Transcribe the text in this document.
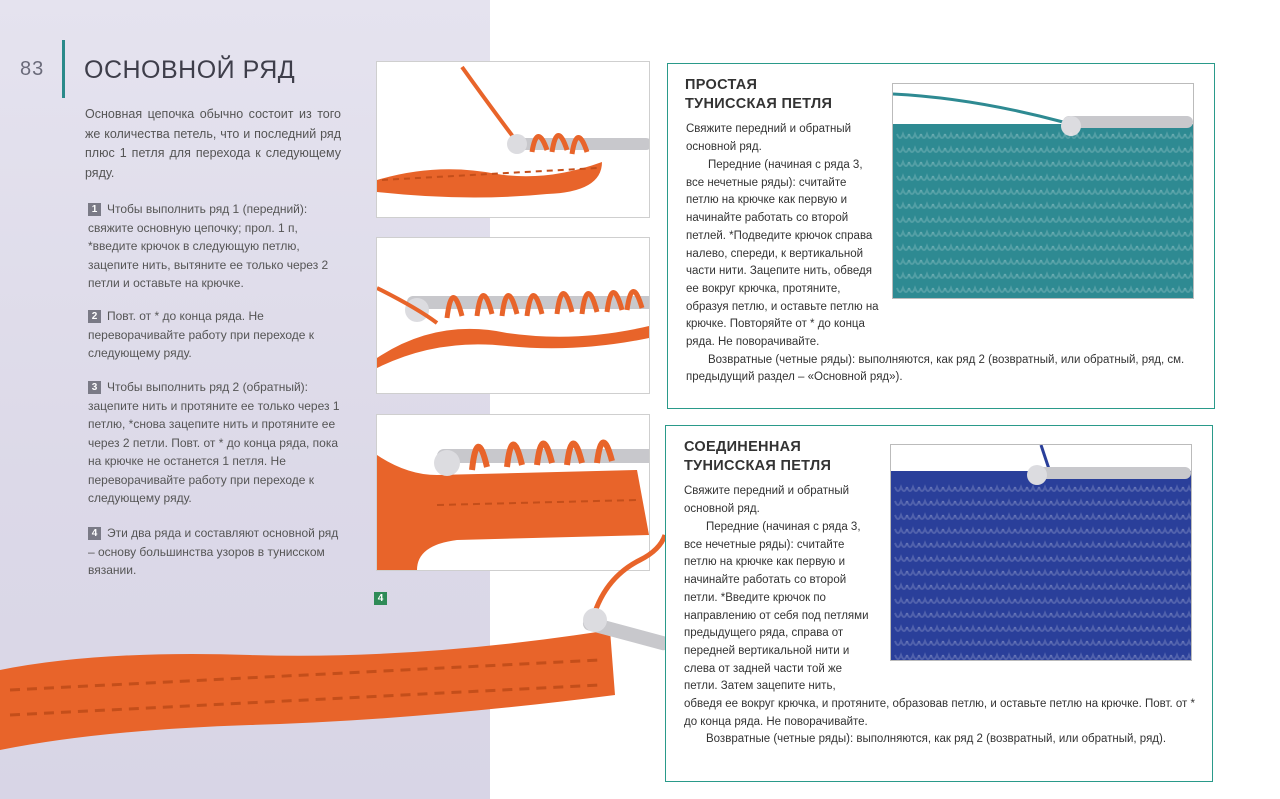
83 ОСНОВНОЙ РЯД
Основная цепочка обычно состоит из того же количества петель, что и последний ряд плюс 1 петля для перехода к следующему ряду.
1 Чтобы выполнить ряд 1 (передний): свяжите основную цепочку; прол. 1 п, *введите крючок в следующую петлю, зацепите нить, вытяните ее только через 2 петли и оставьте на крючке.
2 Повт. от * до конца ряда. Не переворачивайте работу при переходе к следующему ряду.
3 Чтобы выполнить ряд 2 (обратный): зацепите нить и протяните ее только через 1 петлю, *снова зацепите нить и протяните ее через 2 петли. Повт. от * до конца ряда, пока на крючке не останется 1 петля. Не переворачивайте работу при переходе к следующему ряду.
4 Эти два ряда и составляют основной ряд – основу большинства узоров в тунисском вязании.
4
ПРОСТАЯ
ТУНИССКАЯ ПЕТЛЯ

Свяжите передний и обратный основной ряд.

Передние (начиная с ряда 3, все нечетные ряды): считайте петлю на крючке как первую и начинайте работать со второй петлей. *Подведите крючок справа налево, спереди, к вертикальной части нити. Зацепите нить, обведя ее вокруг крючка, протяните, образуя петлю, и оставьте петлю на крючке. Повторяйте от * до конца ряда. Не поворачивайте.

Возвратные (четные ряды): выполняются, как ряд 2 (возвратный, или обратный, ряд, см. предыдущий раздел – «Основной ряд»).

СОЕДИНЕННАЯ
ТУНИССКАЯ ПЕТЛЯ

Свяжите передний и обратный основной ряд.

Передние (начиная с ряда 3, все нечетные ряды): считайте петлю на крючке как первую и начинайте работать со второй петли. *Введите крючок по направлению от себя под петлями предыдущего ряда, справа от передней вертикальной нити и слева от задней части той же петли. Затем зацепите нить, обведя ее вокруг крючка, и протяните, образовав петлю, и оставьте петлю на крючке. Повт. от * до конца ряда. Не поворачивайте.

Возвратные (четные ряды): выполняются, как ряд 2 (возвратный, или обратный, ряд).
